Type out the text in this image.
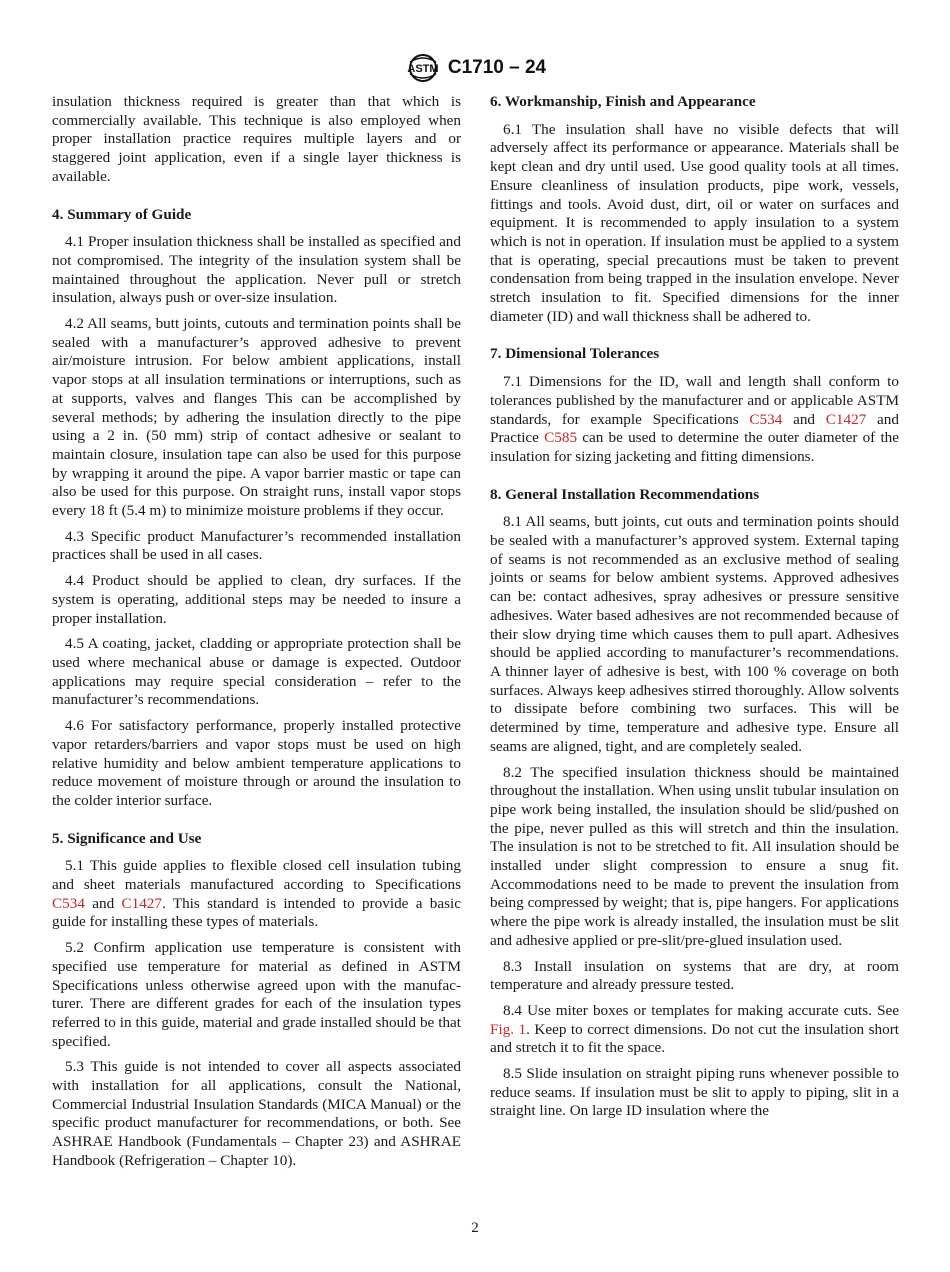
ASTM C1710 – 24

insulation thickness required is greater than that which is commercially available. This technique is also employed when proper installation practice requires multiple layers and or staggered joint application, even if a single layer thickness is available.

4. Summary of Guide

4.1 Proper insulation thickness shall be installed as specified and not compromised. The integrity of the insulation system shall be maintained throughout the application. Never pull or stretch insulation, always push or over-size insulation.

4.2 All seams, butt joints, cutouts and termination points shall be sealed with a manufacturer’s approved adhesive to prevent air/moisture intrusion. For below ambient applications, install vapor stops at all insulation terminations or interruptions, such as at supports, valves and flanges This can be accomplished by several methods; by adhering the insulation directly to the pipe using a 2 in. (50 mm) strip of contact adhesive or sealant to maintain closure, insulation tape can also be used for this purpose by wrapping it around the pipe. A vapor barrier mastic or tape can also be used for this purpose. On straight runs, install vapor stops every 18 ft (5.4 m) to minimize moisture problems if they occur.

4.3 Specific product Manufacturer’s recommended installation practices shall be used in all cases.

4.4 Product should be applied to clean, dry surfaces. If the system is operating, additional steps may be needed to insure a proper installation.

4.5 A coating, jacket, cladding or appropriate protection shall be used where mechanical abuse or damage is expected. Outdoor applications may require special consideration – refer to the manufacturer’s recommendations.

4.6 For satisfactory performance, properly installed protective vapor retarders/barriers and vapor stops must be used on high relative humidity and below ambient temperature applications to reduce movement of moisture through or around the insulation to the colder interior surface.

5. Significance and Use

5.1 This guide applies to flexible closed cell insulation tubing and sheet materials manufactured according to Specifications C534 and C1427. This standard is intended to provide a basic guide for installing these types of materials.

5.2 Confirm application use temperature is consistent with specified use temperature for material as defined in ASTM Specifications unless otherwise agreed upon with the manufacturer. There are different grades for each of the insulation types referred to in this guide, material and grade installed should be that specified.

5.3 This guide is not intended to cover all aspects associated with installation for all applications, consult the National, Commercial Industrial Insulation Standards (MICA Manual) or the specific product manufacturer for recommendations, or both. See ASHRAE Handbook (Fundamentals – Chapter 23) and ASHRAE Handbook (Refrigeration – Chapter 10).

6. Workmanship, Finish and Appearance

6.1 The insulation shall have no visible defects that will adversely affect its performance or appearance. Materials shall be kept clean and dry until used. Use good quality tools at all times. Ensure cleanliness of insulation products, pipe work, vessels, fittings and tools. Avoid dust, dirt, oil or water on surfaces and equipment. It is recommended to apply insulation to a system which is not in operation. If insulation must be applied to a system that is operating, special precautions must be taken to prevent condensation from being trapped in the insulation envelope. Never stretch insulation to fit. Specified dimensions for the inner diameter (ID) and wall thickness shall be adhered to.

7. Dimensional Tolerances

7.1 Dimensions for the ID, wall and length shall conform to tolerances published by the manufacturer and or applicable ASTM standards, for example Specifications C534 and C1427 and Practice C585 can be used to determine the outer diameter of the insulation for sizing jacketing and fitting dimensions.

8. General Installation Recommendations

8.1 All seams, butt joints, cut outs and termination points should be sealed with a manufacturer’s approved system. External taping of seams is not recommended as an exclusive method of sealing joints or seams for below ambient systems. Approved adhesives can be: contact adhesives, spray adhesives or pressure sensitive adhesives. Water based adhesives are not recommended because of their slow drying time which causes them to pull apart. Adhesives should be applied according to manufacturer’s recommendations. A thinner layer of adhesive is best, with 100 % coverage on both surfaces. Always keep adhesives stirred thoroughly. Allow solvents to dissipate before combining two surfaces. This will be determined by time, temperature and adhesive type. Ensure all seams are aligned, tight, and are completely sealed.

8.2 The specified insulation thickness should be maintained throughout the installation. When using unslit tubular insulation on pipe work being installed, the insulation should be slid/pushed on the pipe, never pulled as this will stretch and thin the insulation. The insulation is not to be stretched to fit. All insulation should be installed under slight compression to ensure a snug fit. Accommodations need to be made to prevent the insulation from being compressed by weight; that is, pipe hangers. For applications where the pipe work is already installed, the insulation must be slit and adhesive applied or pre-slit/pre-glued insulation used.

8.3 Install insulation on systems that are dry, at room temperature and already pressure tested.

8.4 Use miter boxes or templates for making accurate cuts. See Fig. 1. Keep to correct dimensions. Do not cut the insulation short and stretch it to fit the space.

8.5 Slide insulation on straight piping runs whenever possible to reduce seams. If insulation must be slit to apply to piping, slit in a straight line. On large ID insulation where the

2
